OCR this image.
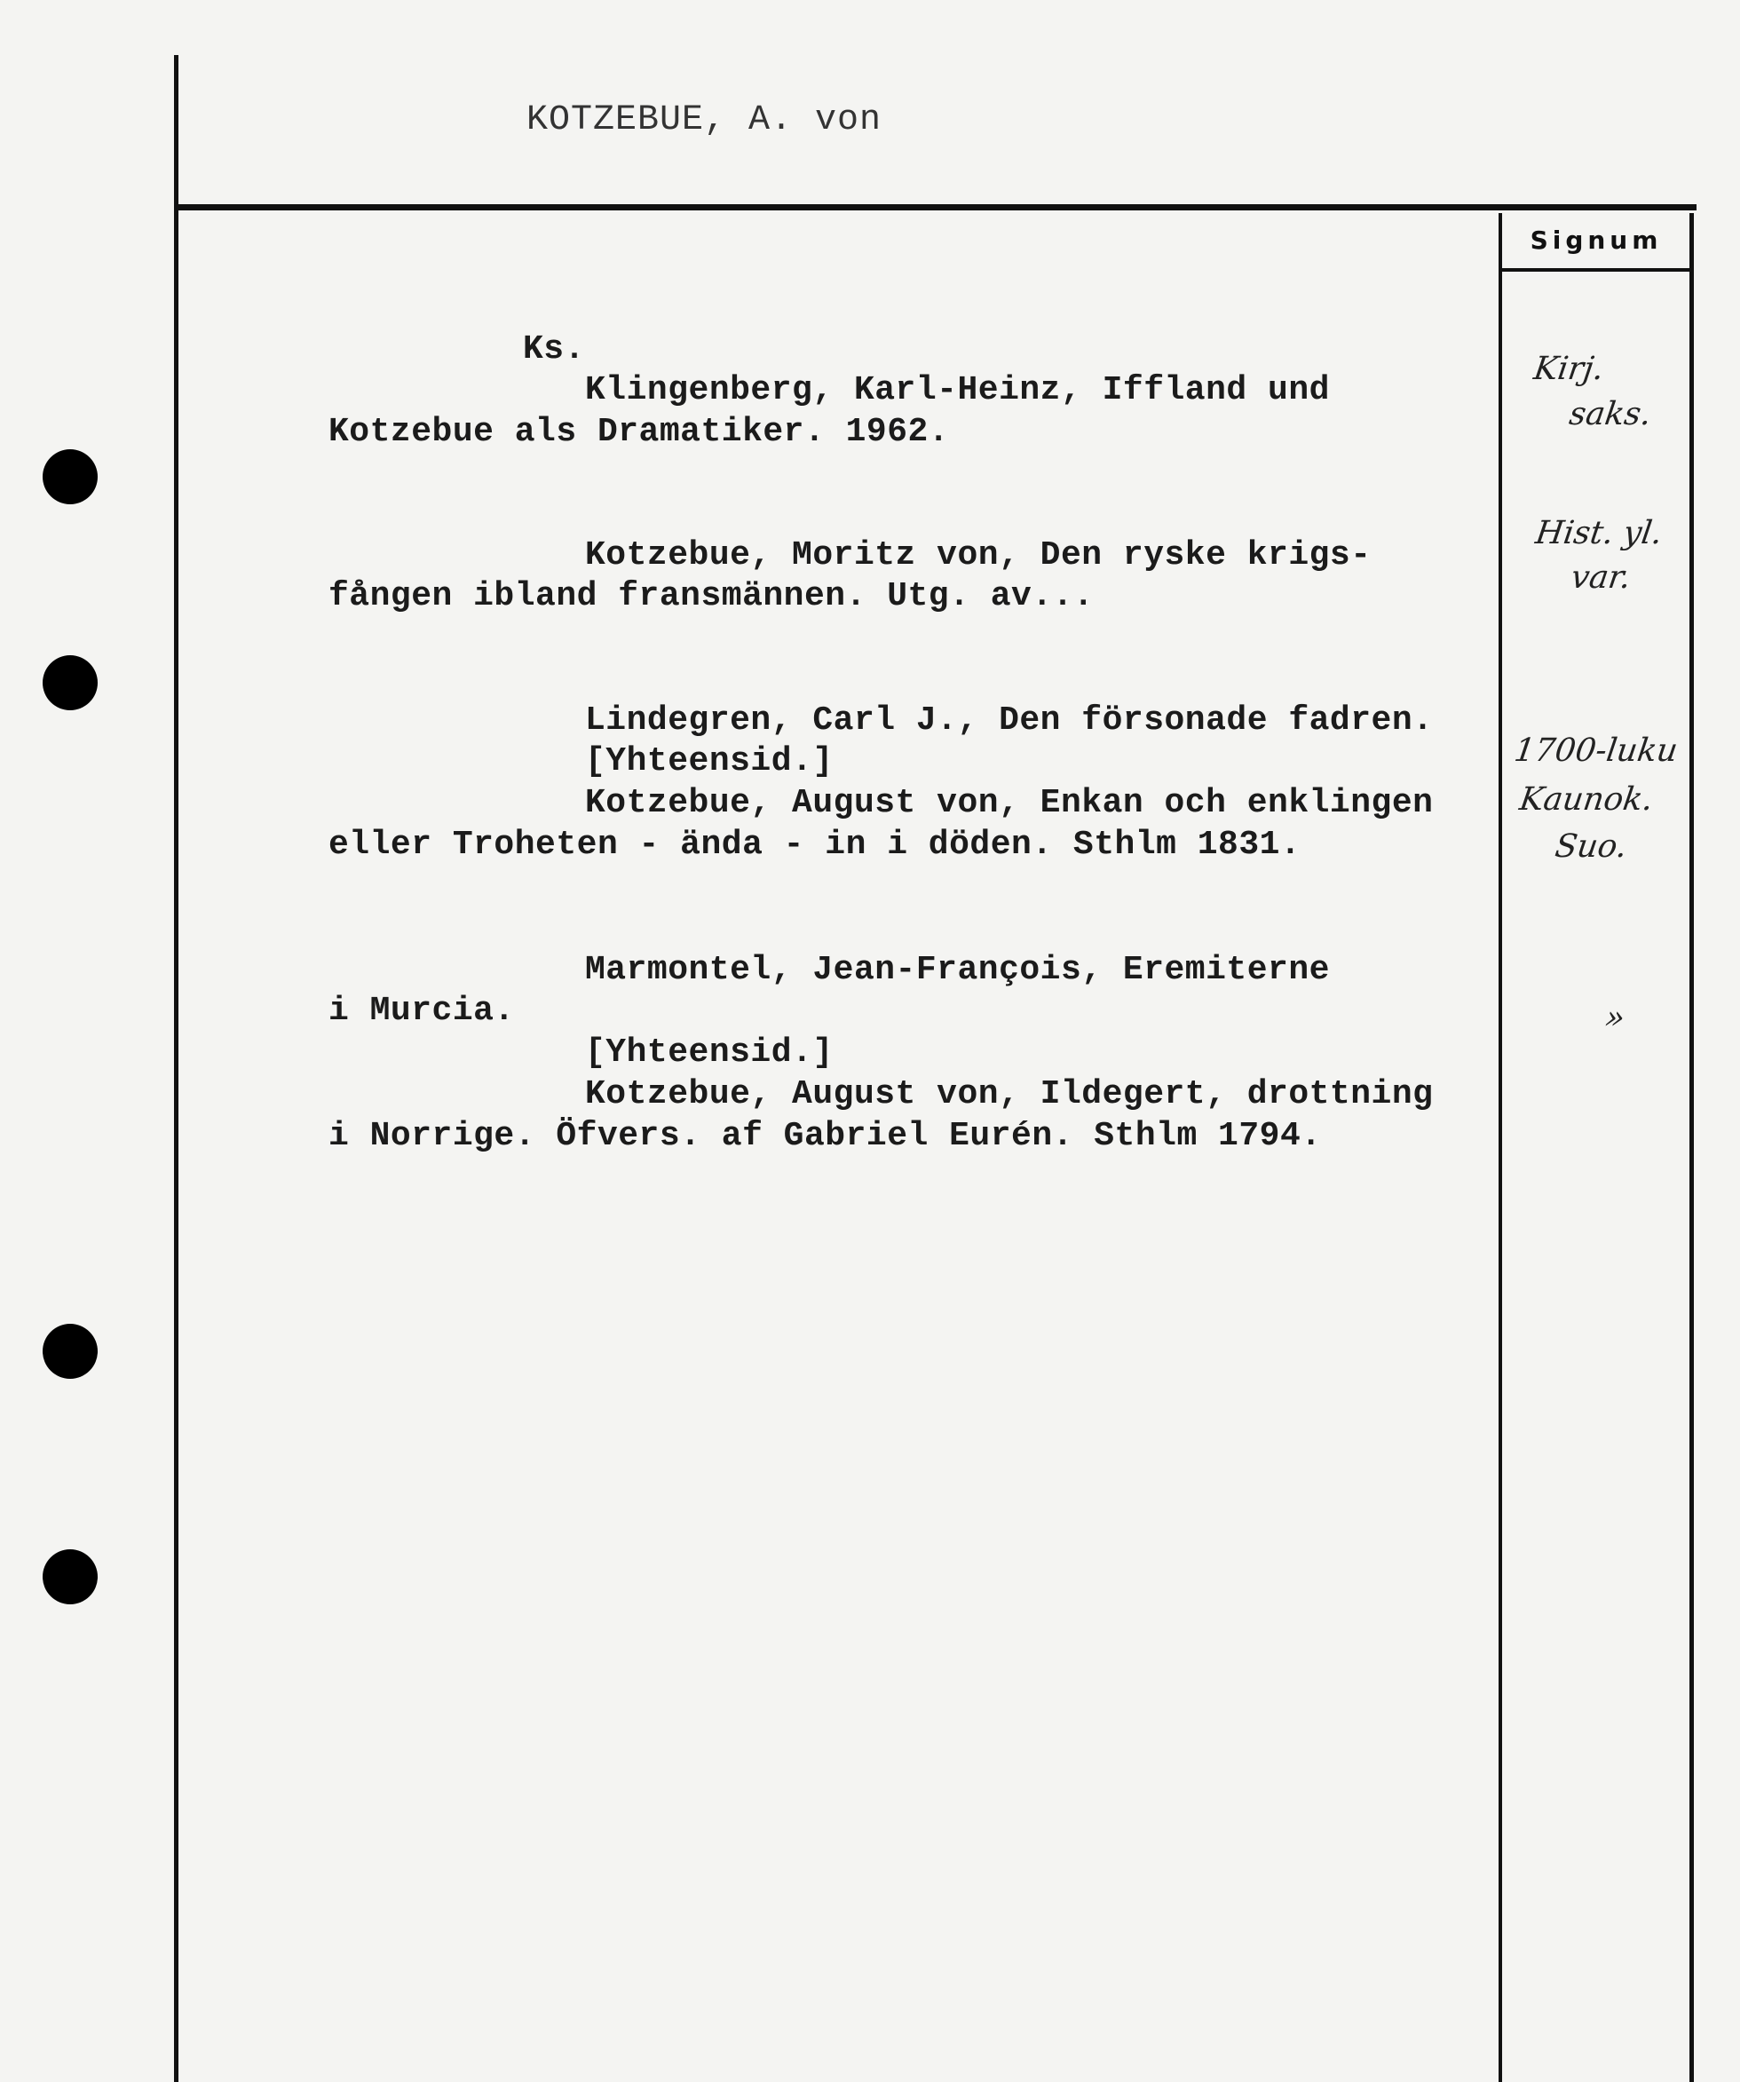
KOTZEBUE, A. von
Signum
Ks.
Klingenberg, Karl-Heinz, Iffland und
Kotzebue als Dramatiker. 1962.
Kotzebue, Moritz von, Den ryske krigs-
fången ibland fransmännen. Utg. av...
Lindegren, Carl J., Den försonade fadren.
[Yhteensid.]
Kotzebue, August von, Enkan och enklingen
eller Troheten - ända - in i döden. Sthlm 1831.
Marmontel, Jean-François, Eremiterne
i Murcia.
[Yhteensid.]
Kotzebue, August von, Ildegert, drottning
i Norrige. Öfvers. af Gabriel Eurén. Sthlm 1794.
Kirj.
saks.
Hist. yl.
var.
1700-luku
Kaunok.
Suo.
»
